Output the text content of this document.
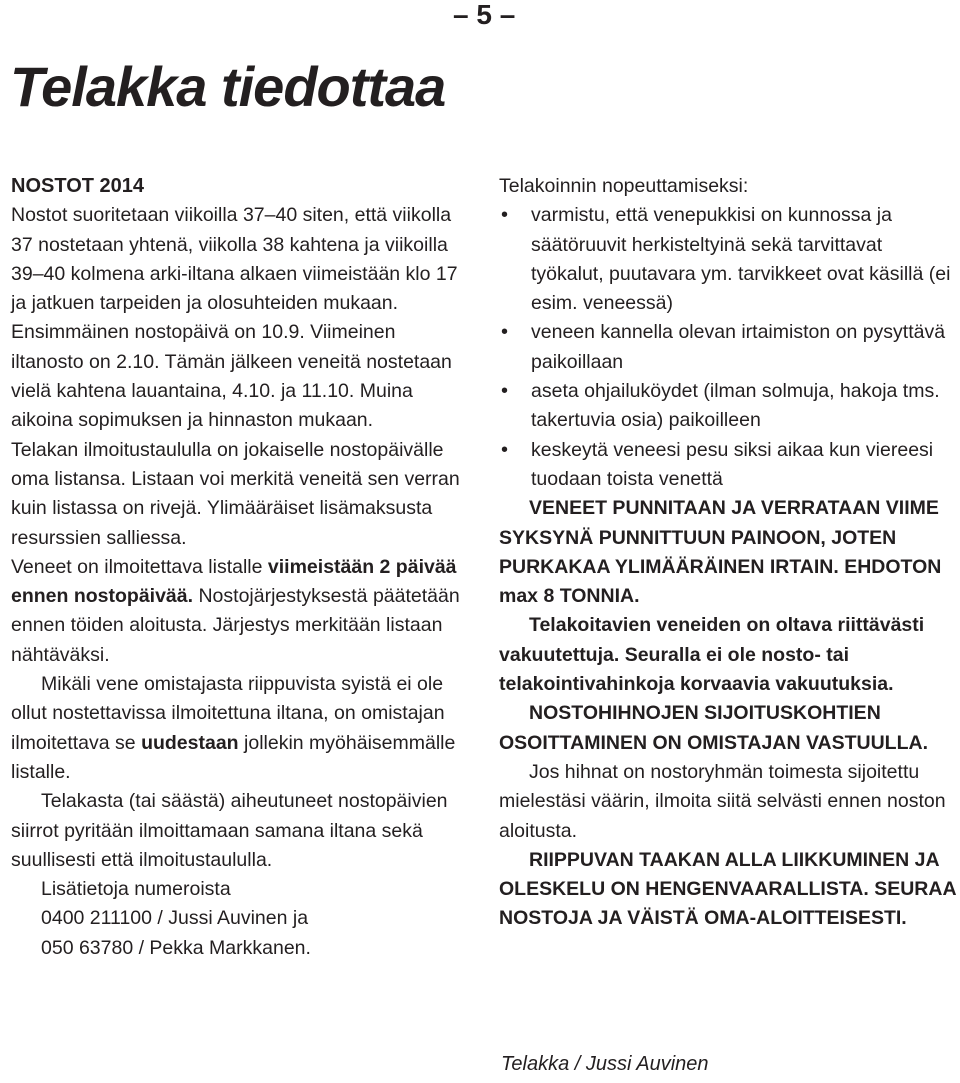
– 5 –
Telakka tiedottaa

NOSTOT 2014

Nostot suoritetaan viikoilla 37–40 siten, että viikolla 37 nostetaan yhtenä, viikolla 38 kahtena ja viikoilla 39–40 kolmena arki-iltana alkaen viimeistään klo 17 ja jatkuen tarpeiden ja olosuhteiden mukaan. Ensimmäinen nostopäivä on 10.9. Viimeinen iltanosto on 2.10. Tämän jälkeen veneitä nostetaan vielä kahtena lauantaina, 4.10. ja 11.10. Muina aikoina sopimuksen ja hinnaston mukaan.

Telakan ilmoitustaululla on jokaiselle nostopäivälle oma listansa. Listaan voi merkitä veneitä sen verran kuin listassa on rivejä. Ylimääräiset lisämaksusta resurssien salliessa.

Veneet on ilmoitettava listalle viimeistään 2 päivää ennen nostopäivää. Nostojärjestyksestä päätetään ennen töiden aloitusta. Järjestys merkitään listaan nähtäväksi.

Mikäli vene omistajasta riippuvista syistä ei ole ollut nostettavissa ilmoitettuna iltana, on omistajan ilmoitettava se uudestaan jollekin myöhäisemmälle listalle.

Telakasta (tai säästä) aiheutuneet nostopäivien siirrot pyritään ilmoittamaan samana iltana sekä suullisesti että ilmoitustaululla.

Lisätietoja numeroista

0400 211100 / Jussi Auvinen ja

050 63780 / Pekka Markkanen.

Telakoinnin nopeuttamiseksi:

• varmistu, että venepukkisi on kunnossa ja säätöruuvit herkisteltyinä sekä tarvittavat työkalut, puutavara ym. tarvikkeet ovat käsillä (ei esim. veneessä)
• veneen kannella olevan irtaimiston on pysyttävä paikoillaan
• aseta ohjailuköydet (ilman solmuja, hakoja tms. takertuvia osia) paikoilleen
• keskeytä veneesi pesu siksi aikaa kun viereesi tuodaan toista venettä

VENEET PUNNITAAN JA VERRATAAN VIIME SYKSYNÄ PUNNITTUUN PAINOON, JOTEN PURKAKAA YLIMÄÄRÄINEN IRTAIN. EHDOTON max 8 TONNIA.

Telakoitavien veneiden on oltava riittävästi vakuutettuja. Seuralla ei ole nosto- tai telakointivahinkoja korvaavia vakuutuksia.

NOSTOHIHNOJEN SIJOITUSKOHTIEN OSOITTAMINEN ON OMISTAJAN VASTUULLA.

Jos hihnat on nostoryhmän toimesta sijoitettu mielestäsi väärin, ilmoita siitä selvästi ennen noston aloitusta.

RIIPPUVAN TAAKAN ALLA LIIKKUMINEN JA OLESKELU ON HENGENVAARALLISTA. SEURAA NOSTOJA JA VÄISTÄ OMA-ALOITTEISESTI.

Telakka / Jussi Auvinen
